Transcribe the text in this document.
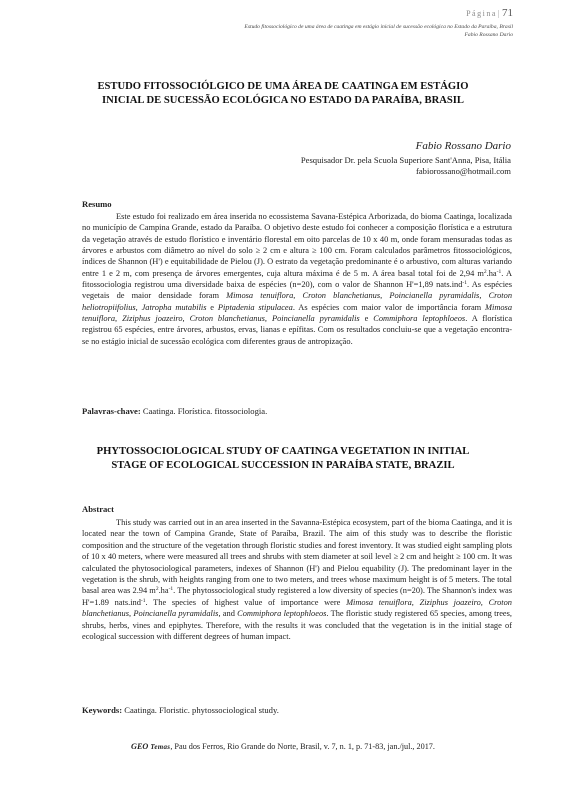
Página|71
Estudo fitossociológico de uma área de caatinga em estágio inicial de sucessão ecológica no Estado da Paraíba, Brasil
Fabio Rossano Dario
ESTUDO FITOSSOCIÓLGICO DE UMA ÁREA DE CAATINGA EM ESTÁGIO
INICIAL DE SUCESSÃO ECOLÓGICA NO ESTADO DA PARAÍBA, BRASIL
Fabio Rossano Dario
Pesquisador Dr. pela Scuola Superiore Sant'Anna, Pisa, Itália
fabiorossano@hotmail.com
Resumo

Este estudo foi realizado em área inserida no ecossistema Savana-Estépica Arborizada, do bioma Caatinga, localizada no município de Campina Grande, estado da Paraíba. O objetivo deste estudo foi conhecer a composição florística e a estrutura da vegetação através de estudo florístico e inventário florestal em oito parcelas de 10 x 40 m, onde foram mensuradas todas as árvores e arbustos com diâmetro ao nível do solo ≥ 2 cm e altura ≥ 100 cm. Foram calculados parâmetros fitossociológicos, índices de Shannon (H') e equitabilidade de Pielou (J). O estrato da vegetação predominante é o arbustivo, com alturas variando entre 1 e 2 m, com presença de árvores emergentes, cuja altura máxima é de 5 m. A área basal total foi de 2,94 $m^2.ha^{-1}$. A fitossociologia registrou uma diversidade baixa de espécies (n=20), com o valor de Shannon H'=1,89 nats.ind$^{-1}$. As espécies vegetais de maior densidade foram Mimosa tenuiflora, Croton blanchetianus, Poincianella pyramidalis, Croton heliotropiifolius, Jatropha mutabilis e Piptadenia stipulacea. As espécies com maior valor de importância foram Mimosa tenuiflora, Ziziphus joazeiro, Croton blanchetianus, Poincianella pyramidalis e Commiphora leptophloeos. A florística registrou 65 espécies, entre árvores, arbustos, ervas, lianas e epífitas. Com os resultados concluiu-se que a vegetação encontra-se no estágio inicial de sucessão ecológica com diferentes graus de antropização.

Palavras-chave: Caatinga. Florística. fitossociologia.
PHYTOSSOCIOLOGICAL STUDY OF CAATINGA VEGETATION IN INITIAL
STAGE OF ECOLOGICAL SUCCESSION IN PARAÍBA STATE, BRAZIL
Abstract

This study was carried out in an area inserted in the Savanna-Estépica ecosystem, part of the bioma Caatinga, and it is located near the town of Campina Grande, State of Paraíba, Brazil. The aim of this study was to describe the floristic composition and the structure of the vegetation through floristic studies and forest inventory. It was studied eight sampling plots of 10 x 40 meters, where were measured all trees and shrubs with stem diameter at soil level ≥ 2 cm and height ≥ 100 cm. It was calculated the phytosociological parameters, indexes of Shannon (H') and Pielou equability (J). The predominant layer in the vegetation is the shrub, with heights ranging from one to two meters, and trees whose maximum height is of 5 meters. The total basal area was 2.94 $m^2.ha^{-1}$. The phytossociological study registered a low diversity of species (n=20). The Shannon's index was H'=1.89 nats.ind$^{-1}$. The species of highest value of importance were Mimosa tenuiflora, Ziziphus joazeiro, Croton blanchetianus, Poincianella pyramidalis, and Commiphora leptophloeos. The floristic study registered 65 species, among trees, shrubs, herbs, vines and epiphytes. Therefore, with the results it was concluded that the vegetation is in the initial stage of ecological succession with different degrees of human impact.

Keywords: Caatinga. Floristic. phytossociological study.
GEO Temas, Pau dos Ferros, Rio Grande do Norte, Brasil, v. 7, n. 1, p. 71-83, jan./jul., 2017.
